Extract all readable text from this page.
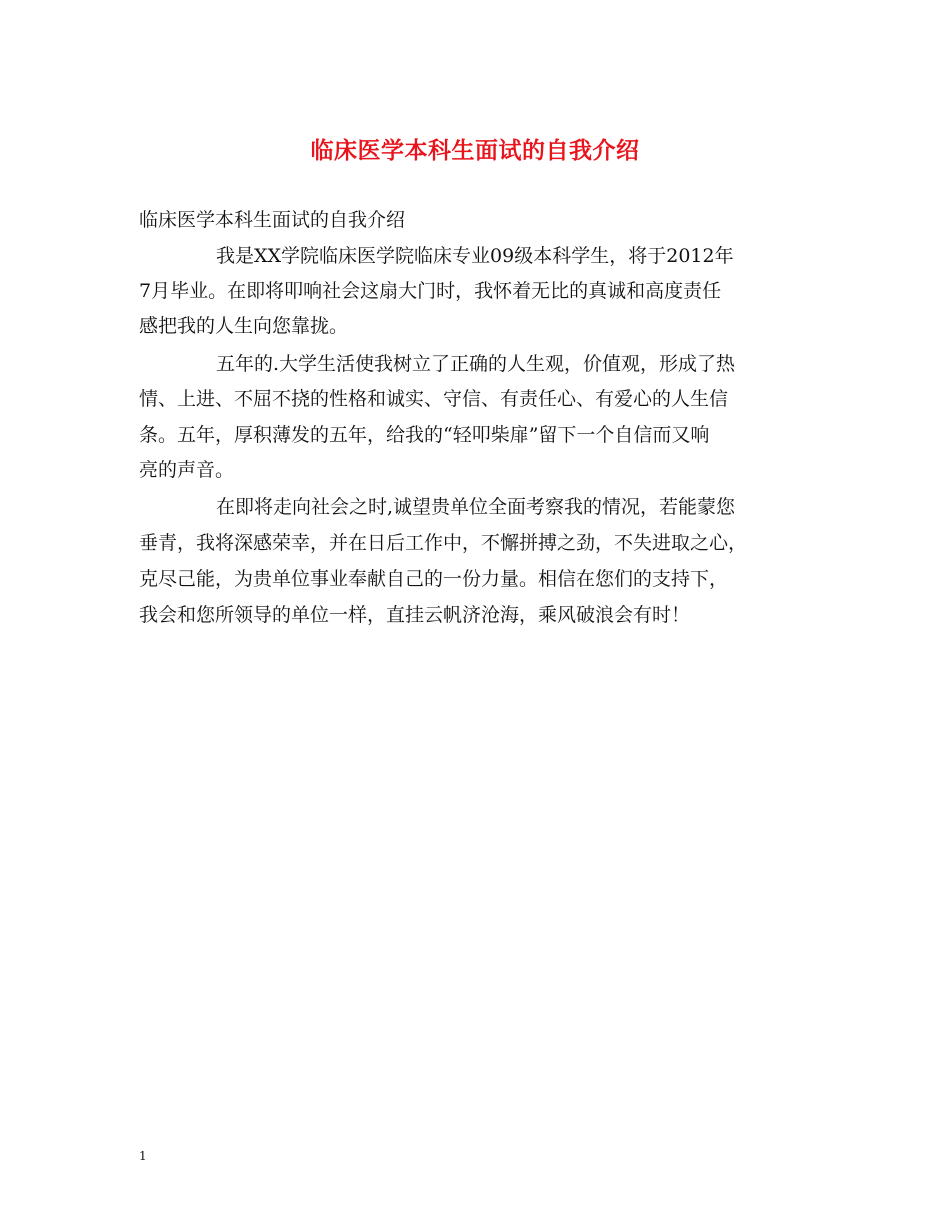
临床医学本科生面试的自我介绍
临床医学本科生面试的自我介绍
我是XX学院临床医学院临床专业09级本科学生，将于2012年
7月毕业。在即将叩响社会这扇大门时，我怀着无比的真诚和高度责任
感把我的人生向您靠拢。
五年的.大学生活使我树立了正确的人生观，价值观，形成了热
情、上进、不屈不挠的性格和诚实、守信、有责任心、有爱心的人生信
条。五年，厚积薄发的五年，给我的“轻叩柴扉”留下一个自信而又响
亮的声音。
在即将走向社会之时,诚望贵单位全面考察我的情况，若能蒙您
垂青，我将深感荣幸，并在日后工作中，不懈拼搏之劲，不失进取之心，
克尽己能，为贵单位事业奉献自己的一份力量。相信在您们的支持下，
我会和您所领导的单位一样，直挂云帆济沧海，乘风破浪会有时！
1
